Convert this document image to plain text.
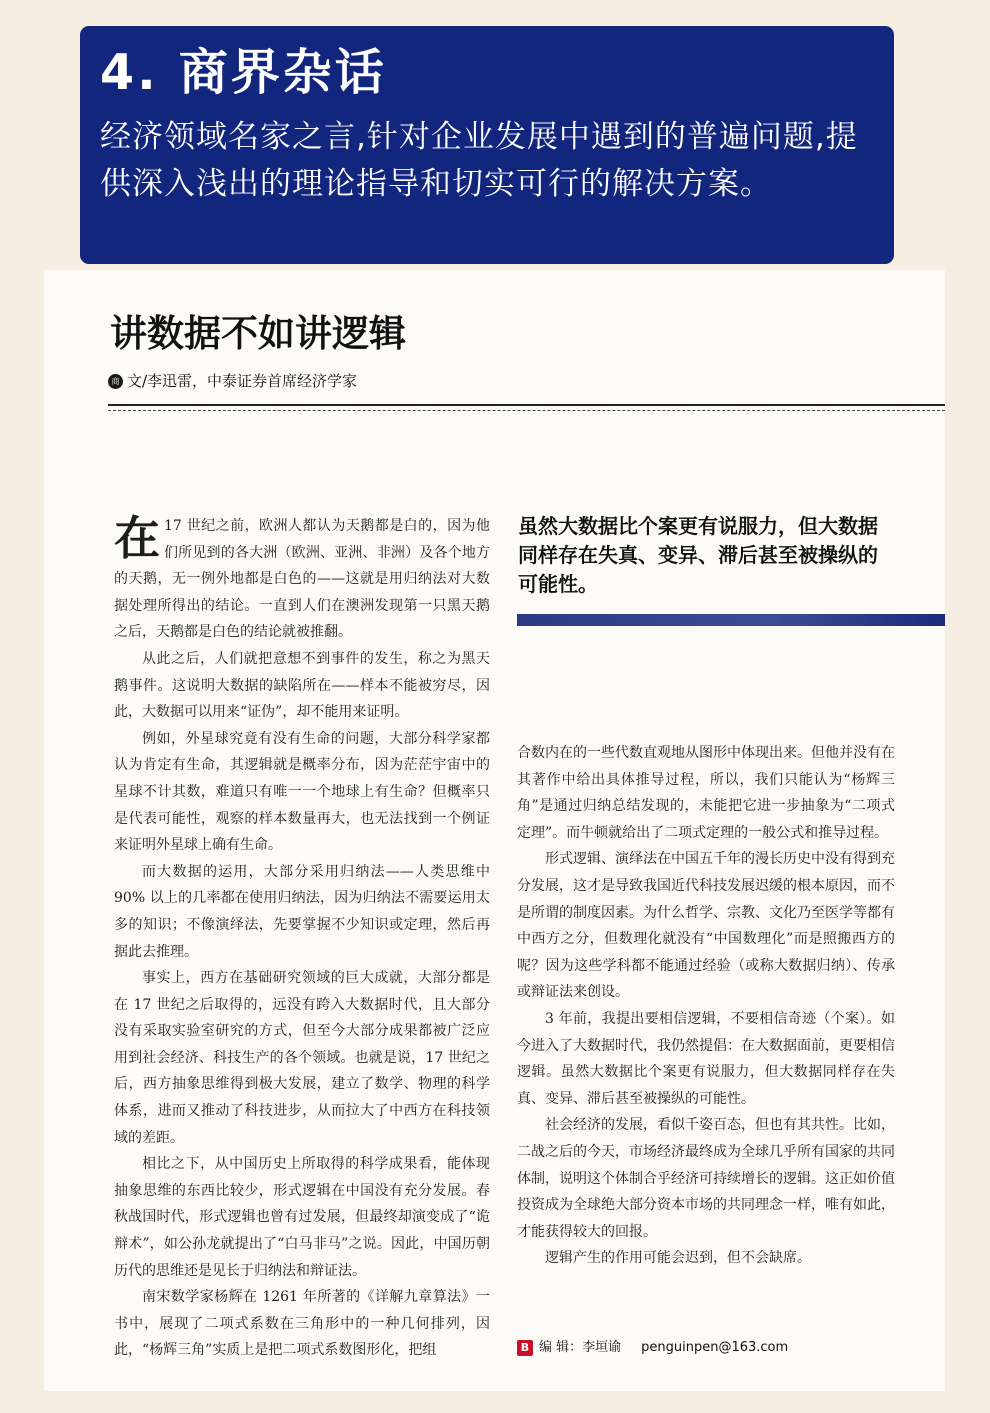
4. 商界杂话
经济领域名家之言,针对企业发展中遇到的普遍问题,提供深入浅出的理论指导和切实可行的解决方案。
讲数据不如讲逻辑
商 文/李迅雷，中泰证券首席经济学家

在 17 世纪之前，欧洲人都认为天鹅都是白的，因为他们所见到的各大洲（欧洲、亚洲、非洲）及各个地方的天鹅，无一例外地都是白色的——这就是用归纳法对大数据处理所得出的结论。一直到人们在澳洲发现第一只黑天鹅之后，天鹅都是白色的结论就被推翻。

从此之后，人们就把意想不到事件的发生，称之为黑天鹅事件。这说明大数据的缺陷所在——样本不能被穷尽，因此，大数据可以用来“证伪”，却不能用来证明。

例如，外星球究竟有没有生命的问题，大部分科学家都认为肯定有生命，其逻辑就是概率分布，因为茫茫宇宙中的星球不计其数，难道只有唯一一个地球上有生命？但概率只是代表可能性，观察的样本数量再大，也无法找到一个例证来证明外星球上确有生命。

而大数据的运用，大部分采用归纳法——人类思维中 90% 以上的几率都在使用归纳法，因为归纳法不需要运用太多的知识；不像演绎法，先要掌握不少知识或定理，然后再据此去推理。

事实上，西方在基础研究领域的巨大成就，大部分都是在 17 世纪之后取得的，远没有跨入大数据时代，且大部分没有采取实验室研究的方式，但至今大部分成果都被广泛应用到社会经济、科技生产的各个领域。也就是说，17 世纪之后，西方抽象思维得到极大发展，建立了数学、物理的科学体系，进而又推动了科技进步，从而拉大了中西方在科技领域的差距。

相比之下，从中国历史上所取得的科学成果看，能体现抽象思维的东西比较少，形式逻辑在中国没有充分发展。春秋战国时代，形式逻辑也曾有过发展，但最终却演变成了“诡辩术”，如公孙龙就提出了“白马非马”之说。因此，中国历朝历代的思维还是见长于归纳法和辩证法。

南宋数学家杨辉在 1261 年所著的《详解九章算法》一书中，展现了二项式系数在三角形中的一种几何排列，因此，“杨辉三角”实质上是把二项式系数图形化，把组

虽然大数据比个案更有说服力，但大数据同样存在失真、变异、滞后甚至被操纵的可能性。

合数内在的一些代数直观地从图形中体现出来。但他并没有在其著作中给出具体推导过程，所以，我们只能认为“杨辉三角”是通过归纳总结发现的，未能把它进一步抽象为“二项式定理”。而牛顿就给出了二项式定理的一般公式和推导过程。

形式逻辑、演绎法在中国五千年的漫长历史中没有得到充分发展，这才是导致我国近代科技发展迟缓的根本原因，而不是所谓的制度因素。为什么哲学、宗教、文化乃至医学等都有中西方之分，但数理化就没有“中国数理化”而是照搬西方的呢？因为这些学科都不能通过经验（或称大数据归纳）、传承或辩证法来创设。

3 年前，我提出要相信逻辑，不要相信奇迹（个案）。如今进入了大数据时代，我仍然提倡：在大数据面前，更要相信逻辑。虽然大数据比个案更有说服力，但大数据同样存在失真、变异、滞后甚至被操纵的可能性。

社会经济的发展，看似千姿百态，但也有其共性。比如，二战之后的今天，市场经济最终成为全球几乎所有国家的共同体制，说明这个体制合乎经济可持续增长的逻辑。这正如价值投资成为全球绝大部分资本市场的共同理念一样，唯有如此，才能获得较大的回报。

逻辑产生的作用可能会迟到，但不会缺席。

B 编 辑：李垣谕 penguinpen@163.com
